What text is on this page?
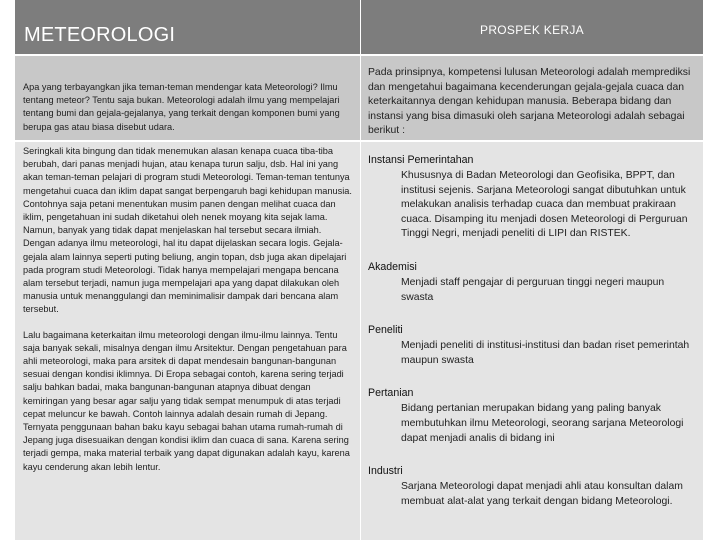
METEOROLOGI

Apa yang terbayangkan jika teman-teman mendengar kata Meteorologi? Ilmu tentang meteor? Tentu saja bukan. Meteorologi adalah ilmu yang mempelajari tentang bumi dan gejala-gejalanya, yang terkait dengan komponen bumi yang berupa gas atau biasa disebut udara.

Seringkali kita bingung dan tidak menemukan alasan kenapa cuaca tiba-tiba berubah, dari panas menjadi hujan, atau kenapa turun salju, dsb. Hal ini yang akan teman-teman pelajari di program studi Meteorologi. Teman-teman tentunya mengetahui cuaca dan iklim dapat sangat berpengaruh bagi kehidupan manusia. Contohnya saja petani menentukan musim panen dengan melihat cuaca dan iklim, pengetahuan ini sudah diketahui oleh nenek moyang kita sejak lama. Namun, banyak yang tidak dapat menjelaskan hal tersebut secara ilmiah. Dengan adanya ilmu meteorologi, hal itu dapat dijelaskan secara logis. Gejala-gejala alam lainnya seperti puting beliung, angin topan, dsb juga akan dipelajari pada program studi Meteorologi. Tidak hanya mempelajari mengapa bencana alam tersebut terjadi, namun juga mempelajari apa yang dapat dilakukan oleh manusia untuk menanggulangi dan meminimalisir dampak dari bencana alam tersebut.

Lalu bagaimana keterkaitan ilmu meteorologi dengan ilmu-ilmu lainnya. Tentu saja banyak sekali, misalnya dengan ilmu Arsitektur. Dengan pengetahuan para ahli meteorologi, maka para arsitek di dapat mendesain bangunan-bangunan sesuai dengan kondisi iklimnya. Di Eropa sebagai contoh, karena sering terjadi salju bahkan badai, maka bangunan-bangunan atapnya dibuat dengan kemiringan yang besar agar salju yang tidak sempat menumpuk di atas terjadi cepat meluncur ke bawah. Contoh lainnya adalah desain rumah di Jepang. Ternyata penggunaan bahan baku kayu sebagai bahan utama rumah-rumah di Jepang juga disesuaikan dengan kondisi iklim dan cuaca di sana. Karena sering terjadi gempa, maka material terbaik yang dapat digunakan adalah kayu, karena kayu cenderung akan lebih lentur.

PROSPEK KERJA

Pada prinsipnya, kompetensi lulusan Meteorologi adalah memprediksi dan mengetahui bagaimana kecenderungan gejala-gejala cuaca dan keterkaitannya dengan kehidupan manusia. Beberapa bidang dan instansi yang bisa dimasuki oleh sarjana Meteorologi adalah sebagai berikut :

Instansi Pemerintahan

Khususnya di Badan Meteorologi dan Geofisika, BPPT, dan institusi sejenis. Sarjana Meteorologi sangat dibutuhkan untuk melakukan analisis terhadap cuaca dan membuat prakiraan cuaca. Disamping itu menjadi dosen Meteorologi di Perguruan Tinggi Negri, menjadi peneliti di LIPI dan RISTEK.

Akademisi

Menjadi staff pengajar di perguruan tinggi negeri maupun swasta

Peneliti

Menjadi peneliti di institusi-institusi dan badan riset pemerintah maupun swasta

Pertanian

Bidang pertanian merupakan bidang yang paling banyak membutuhkan ilmu Meteorologi, seorang sarjana Meteorologi dapat menjadi analis di bidang ini

Industri

Sarjana Meteorologi dapat menjadi ahli atau konsultan dalam membuat alat-alat yang terkait dengan bidang Meteorologi.
